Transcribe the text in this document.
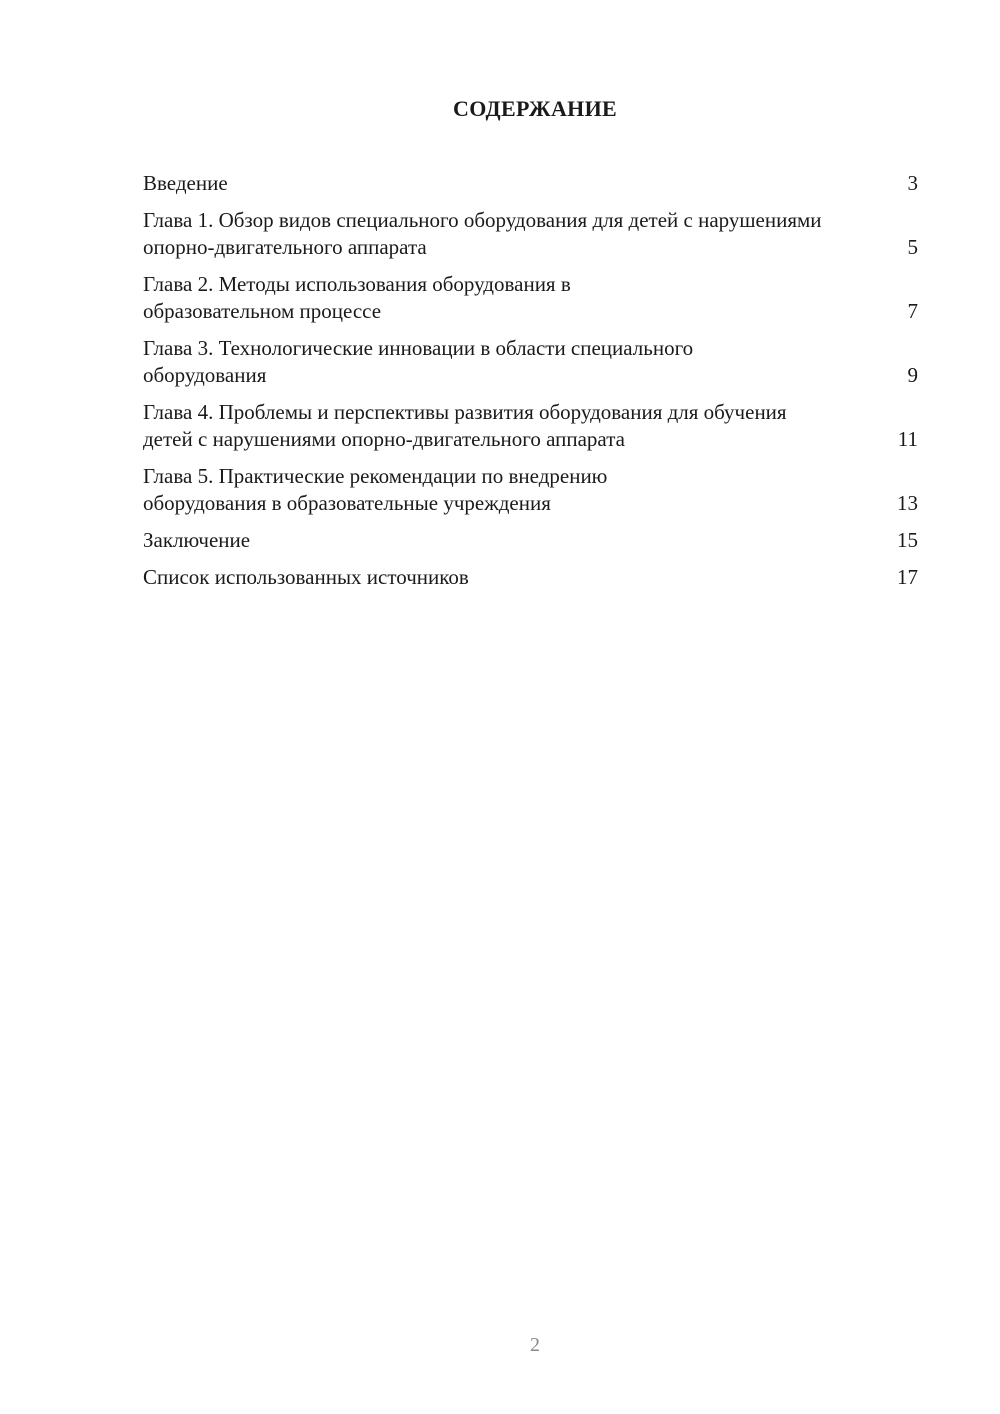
СОДЕРЖАНИЕ
Введение	3
Глава 1. Обзор видов специального оборудования для детей с нарушениями опорно-двигательного аппарата	5
Глава 2. Методы использования оборудования в образовательном процессе	7
Глава 3. Технологические инновации в области специального оборудования	9
Глава 4. Проблемы и перспективы развития оборудования для обучения детей с нарушениями опорно-двигательного аппарата	11
Глава 5. Практические рекомендации по внедрению оборудования в образовательные учреждения	13
Заключение	15
Список использованных источников	17
2
